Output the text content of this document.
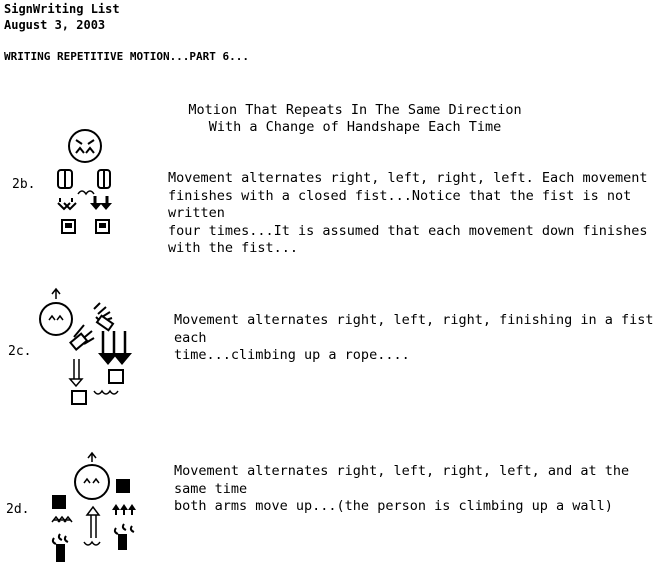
SignWriting List
August 3, 2003
WRITING REPETITIVE MOTION...PART 6...
Motion That Repeats In The Same Direction
With a Change of Handshape Each Time
2b.	Movement alternates right, left, right, left. Each movement
finishes with a closed fist...Notice that the fist is not written
four times...It is assumed that each movement down finishes
with the fist...
2c.
Movement alternates right, left, right, finishing in a fist each
time...climbing up a rope....
2d.
Movement alternates right, left, right, left, and at the same time
both arms move up...(the person is climbing up a wall)
